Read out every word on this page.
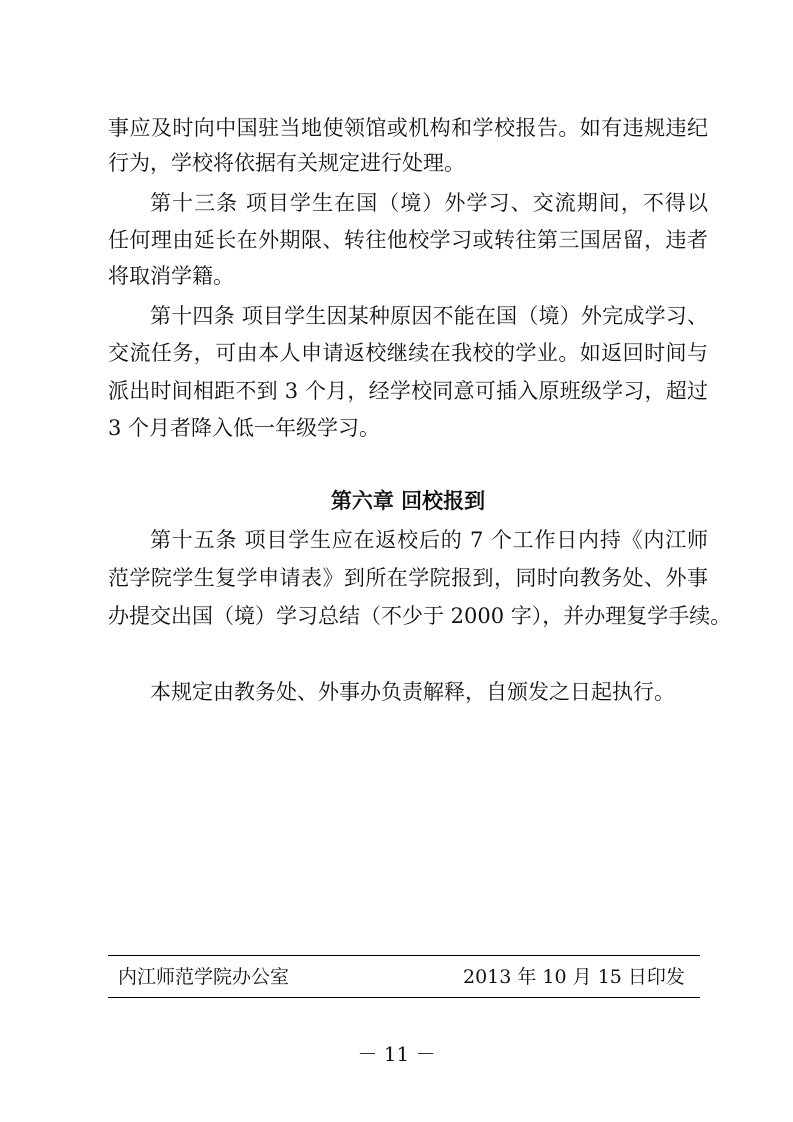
事应及时向中国驻当地使领馆或机构和学校报告。如有违规违纪
行为，学校将依据有关规定进行处理。
第十三条 项目学生在国（境）外学习、交流期间，不得以
任何理由延长在外期限、转往他校学习或转往第三国居留，违者
将取消学籍。
第十四条 项目学生因某种原因不能在国（境）外完成学习、
交流任务，可由本人申请返校继续在我校的学业。如返回时间与
派出时间相距不到 3 个月，经学校同意可插入原班级学习，超过
3 个月者降入低一年级学习。
第六章 回校报到
第十五条 项目学生应在返校后的 7 个工作日内持《内江师
范学院学生复学申请表》到所在学院报到，同时向教务处、外事
办提交出国（境）学习总结（不少于 2000 字），并办理复学手续。
本规定由教务处、外事办负责解释，自颁发之日起执行。
内江师范学院办公室	2013 年 10 月 15 日印发
－ 11 －
